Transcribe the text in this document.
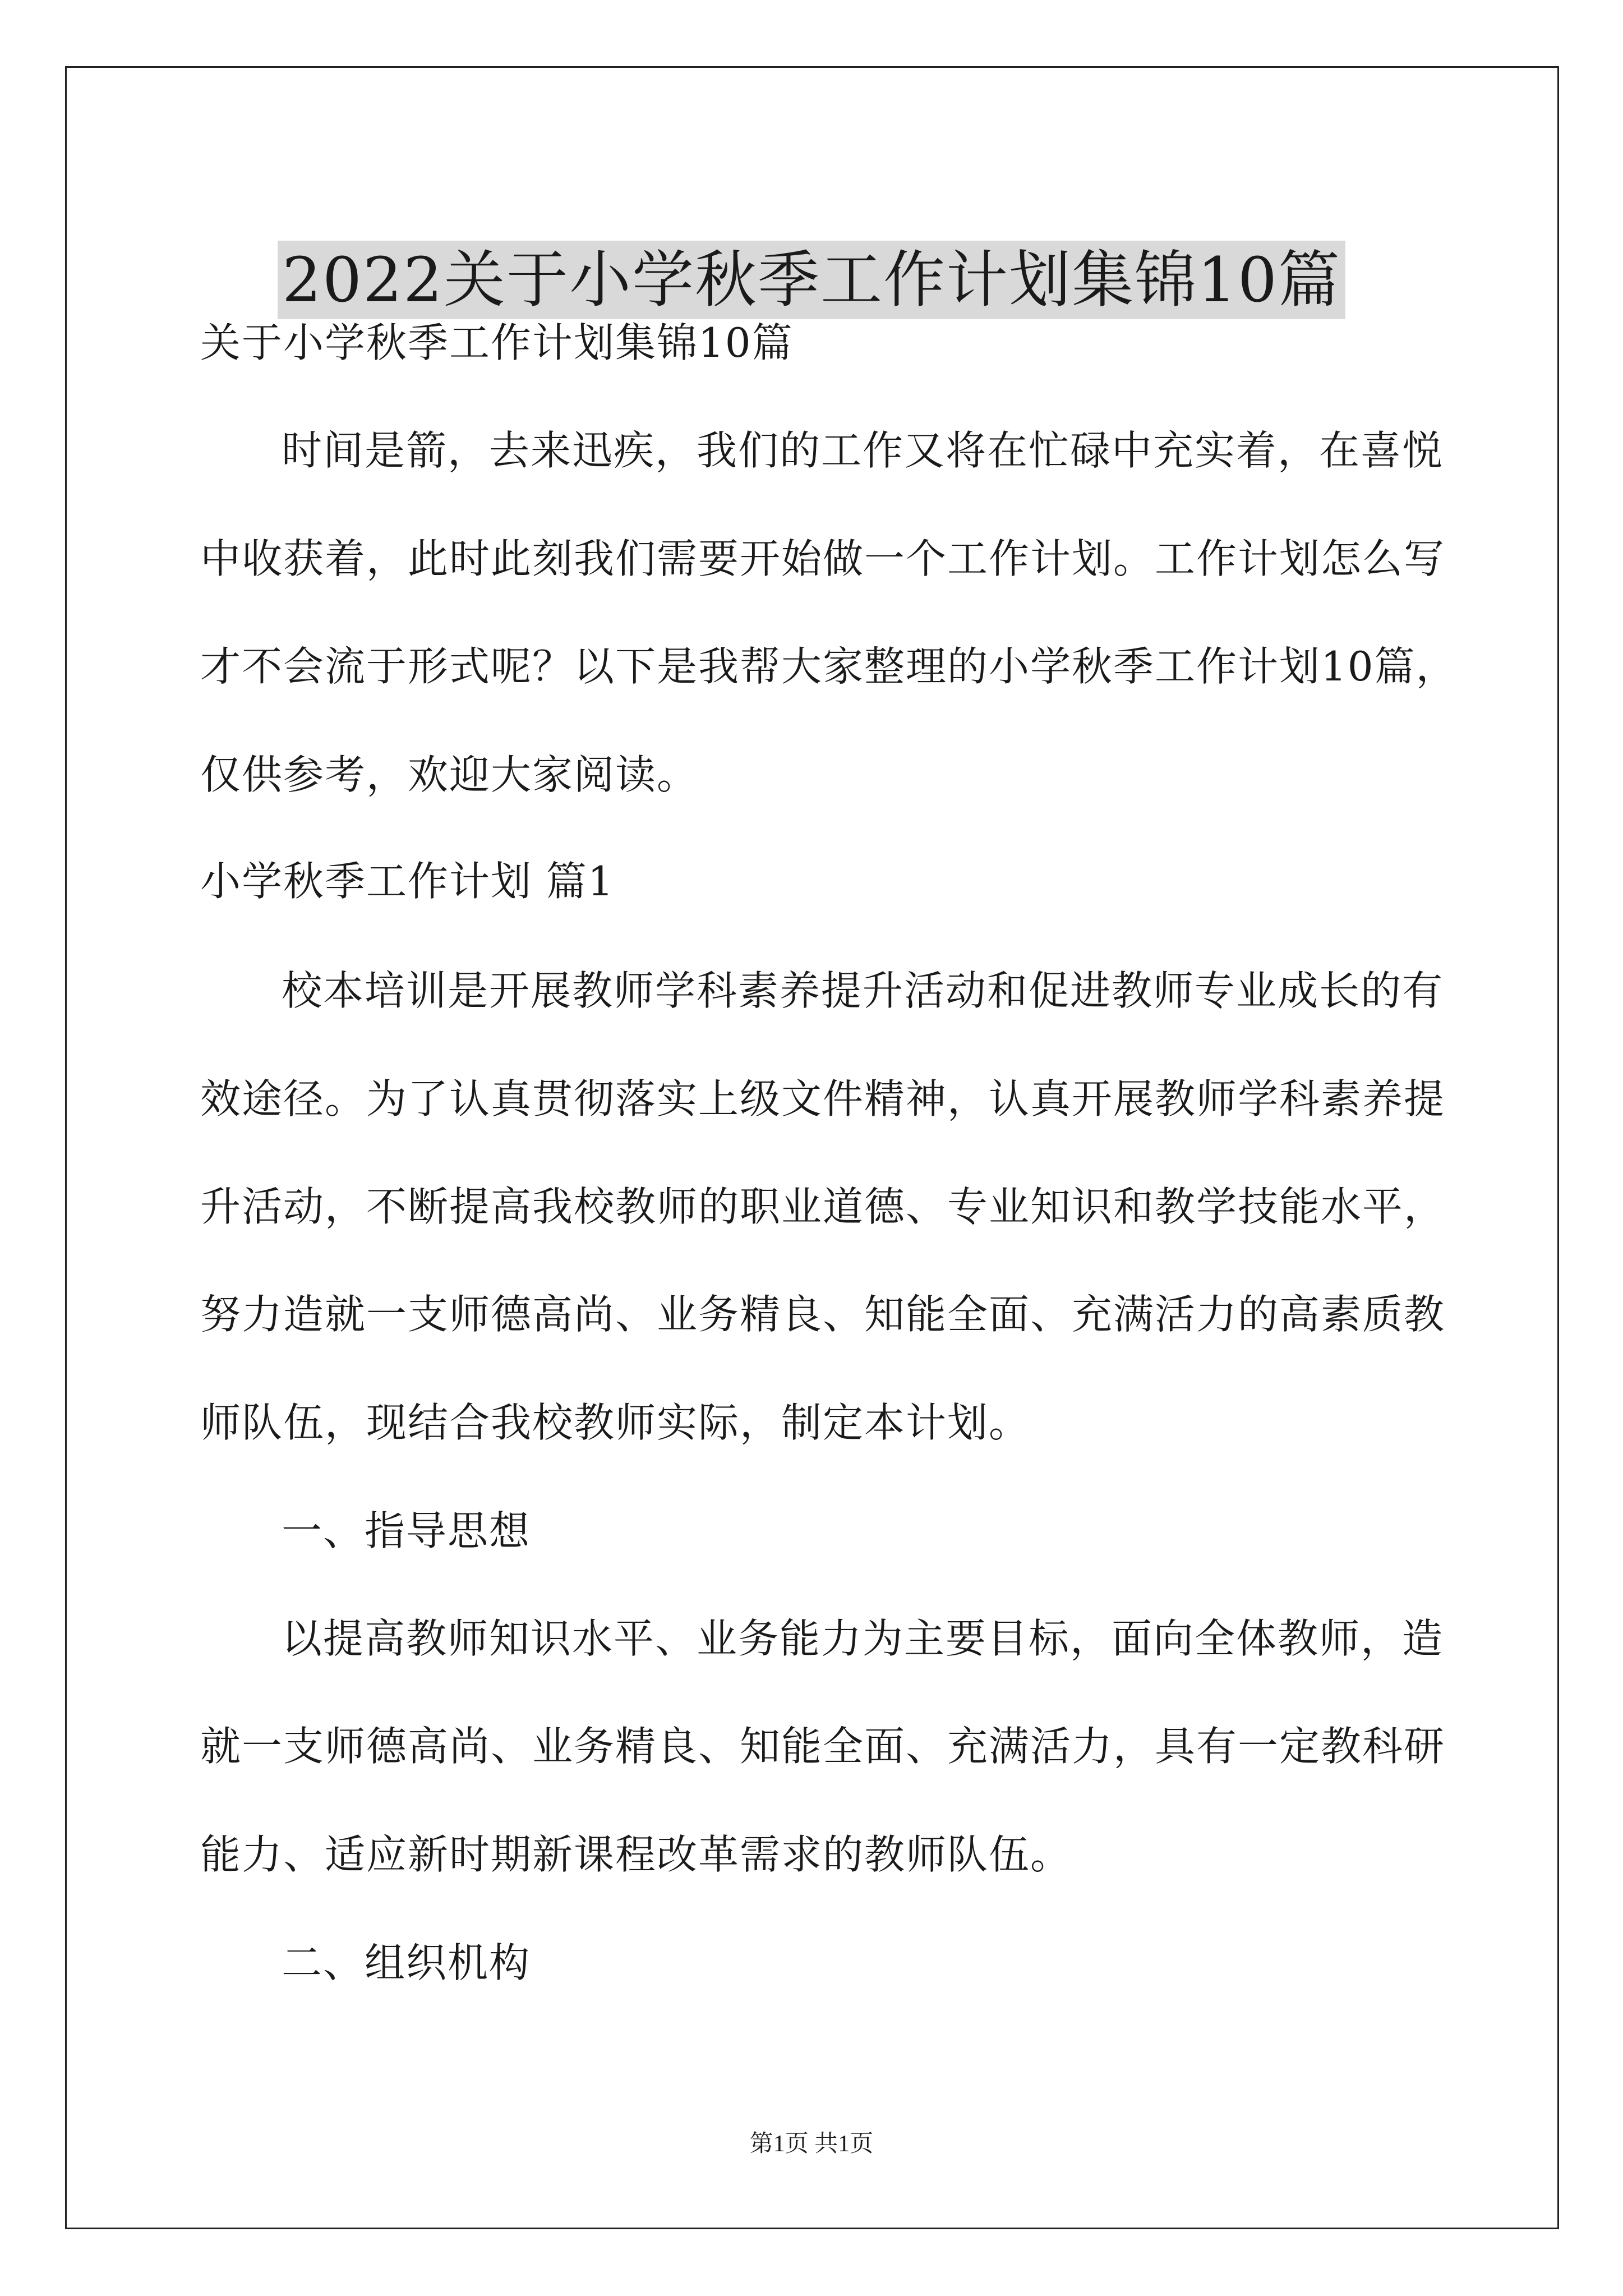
2022关于小学秋季工作计划集锦10篇

关于小学秋季工作计划集锦10篇

时间是箭，去来迅疾，我们的工作又将在忙碌中充实着，在喜悦

中收获着，此时此刻我们需要开始做一个工作计划。工作计划怎么写

才不会流于形式呢？以下是我帮大家整理的小学秋季工作计划10篇，

仅供参考，欢迎大家阅读。

小学秋季工作计划 篇1

校本培训是开展教师学科素养提升活动和促进教师专业成长的有

效途径。为了认真贯彻落实上级文件精神，认真开展教师学科素养提

升活动，不断提高我校教师的职业道德、专业知识和教学技能水平，

努力造就一支师德高尚、业务精良、知能全面、充满活力的高素质教

师队伍，现结合我校教师实际，制定本计划。

一、指导思想

以提高教师知识水平、业务能力为主要目标，面向全体教师，造

就一支师德高尚、业务精良、知能全面、充满活力，具有一定教科研

能力、适应新时期新课程改革需求的教师队伍。

二、组织机构

第1页 共1页
